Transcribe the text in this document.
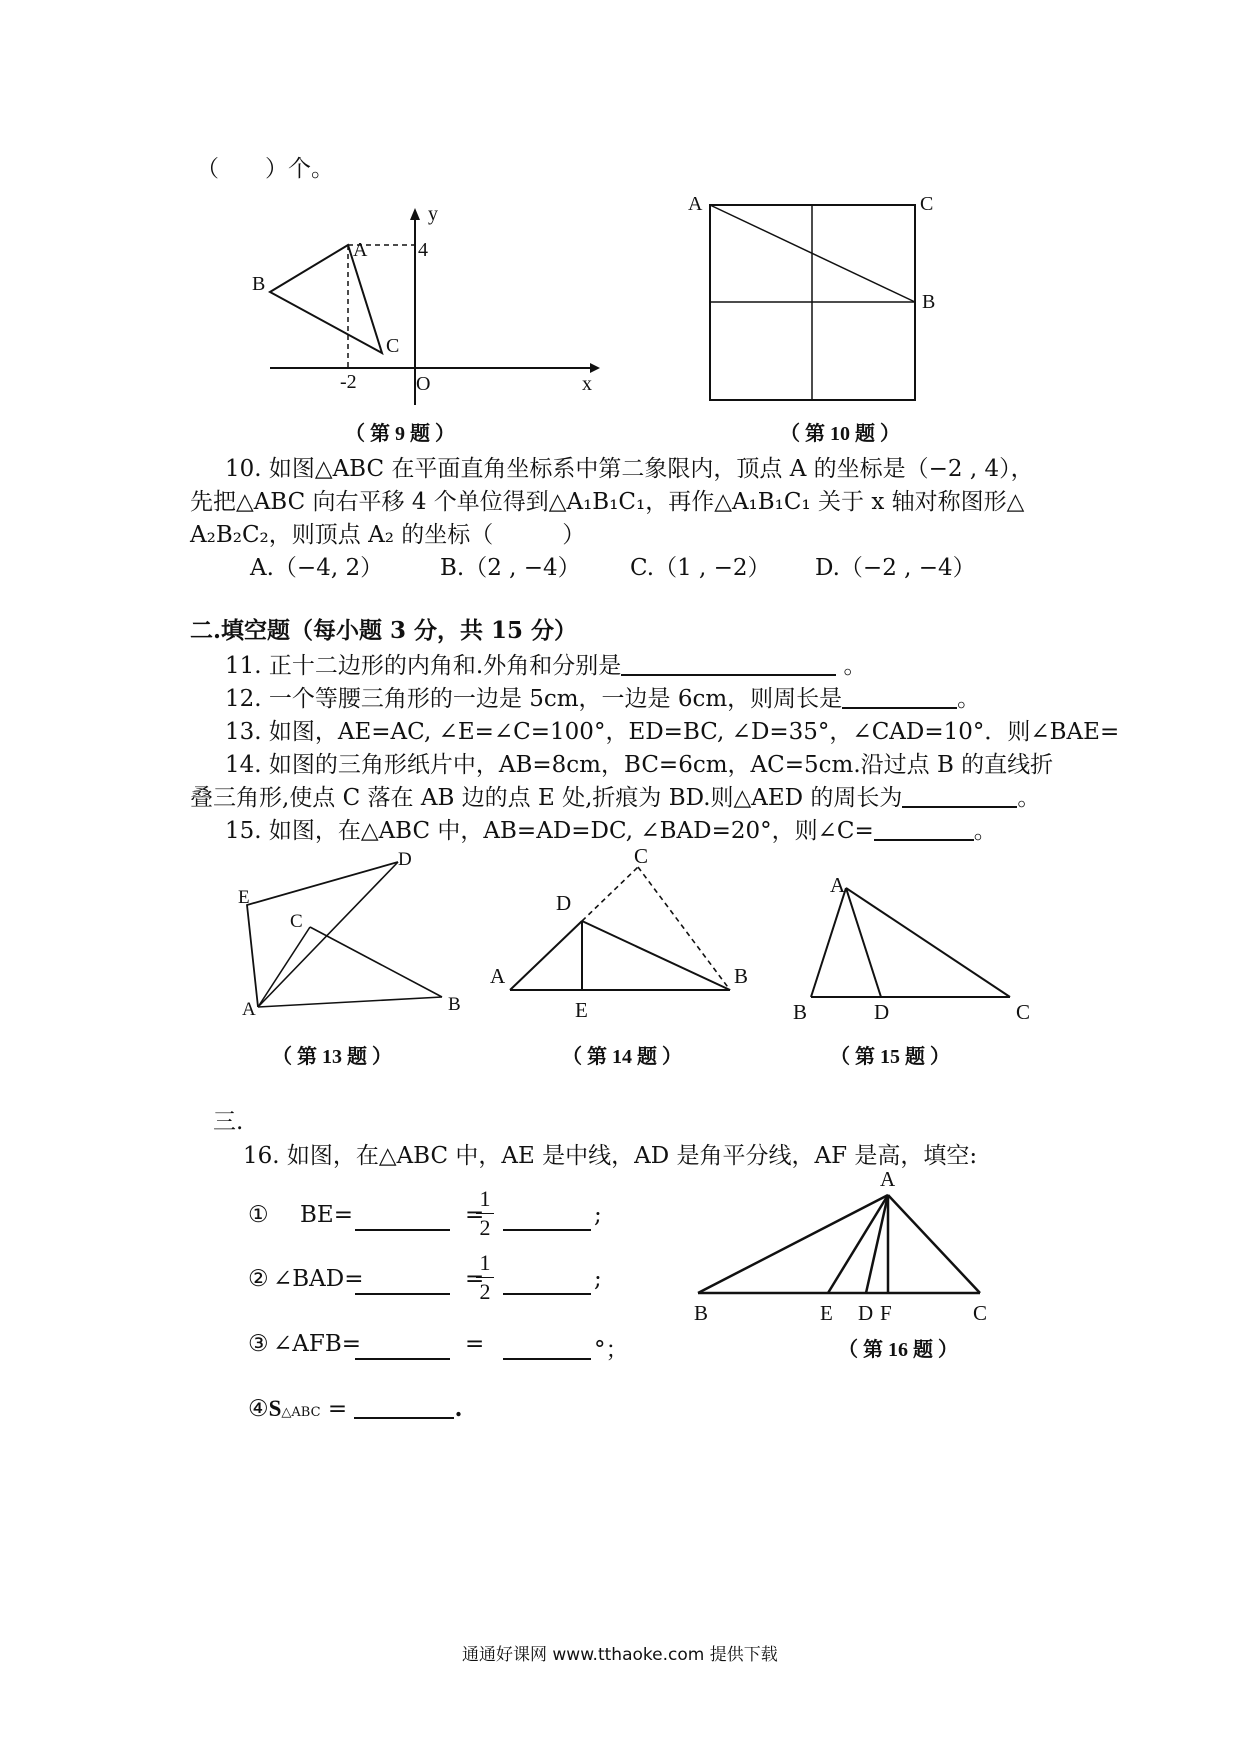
（　　）个。
A
B
C
O	x
y
4
-2
（ 第 9 题 ）
A	C
B
（ 第 10 题 ）
10. 如图△ABC 在平面直角坐标系中第二象限内，顶点 A 的坐标是（−2 , 4），
先把△ABC 向右平移 4 个单位得到△A₁B₁C₁，再作△A₁B₁C₁ 关于 x 轴对称图形△
A₂B₂C₂，则顶点 A₂ 的坐标（　　　）
A.（−4, 2） B.（2 , −4） C.（1 , −2） D.（−2 , −4）
二.填空题（每小题 3 分，共 15 分）
11. 正十二边形的内角和.外角和分别是	。
12. 一个等腰三角形的一边是 5cm，一边是 6cm，则周长是	。
13. 如图，AE=AC, ∠E=∠C=100°，ED=BC, ∠D=35°，∠CAD=10°．则∠BAE=
14. 如图的三角形纸片中，AB=8cm，BC=6cm，AC=5cm.沿过点 B 的直线折
叠三角形,使点 C 落在 AB 边的点 E 处,折痕为 BD.则△AED 的周长为	。
15. 如图，在△ABC 中，AB=AD=DC, ∠BAD=20°，则∠C=	。
A	B
C
D
E
（ 第 13 题 ）
A	B
C
D
E
（ 第 14 题 ）
A
B	D	C
（ 第 15 题 ）
三.
16. 如图，在△ABC 中，AE 是中线，AD 是角平分线，AF 是高，填空:
① BE=	=
1
2	;
② ∠BAD=	=
1
2	;
③ ∠AFB=	=	°；
④S△ABC =	.
A
B	E D F	C
（ 第 16 题 ）
通通好课网 www.tthaoke.com 提供下载
